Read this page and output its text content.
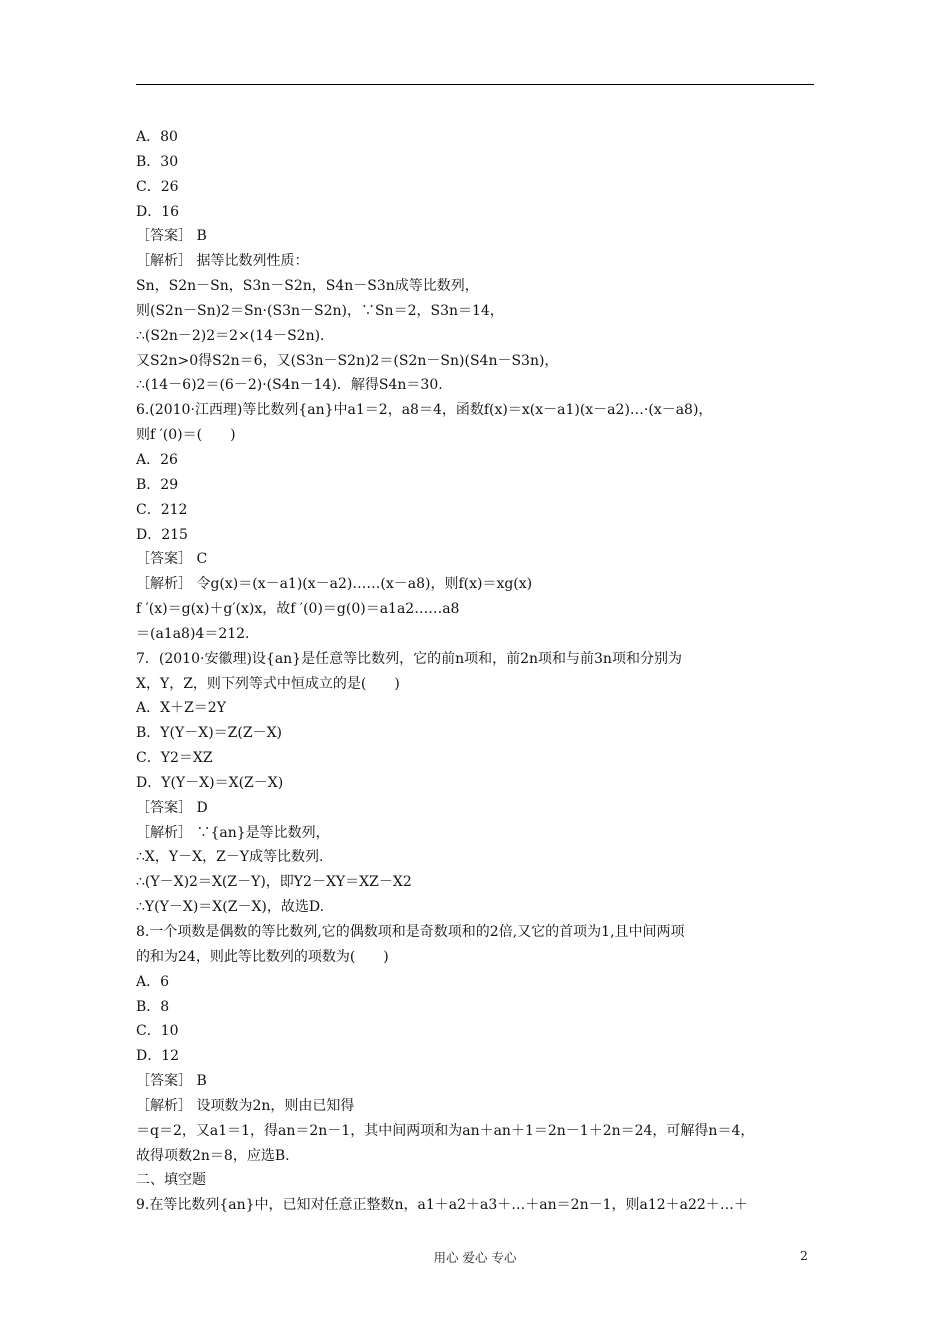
A．80
B．30
C．26
D．16
［答案］ B
［解析］ 据等比数列性质：
Sn，S2n－Sn，S3n－S2n，S4n－S3n成等比数列，
则(S2n－Sn)2＝Sn·(S3n－S2n)，∵Sn＝2，S3n＝14，
∴(S2n－2)2＝2×(14－S2n)．
又S2n>0得S2n＝6，又(S3n－S2n)2＝(S2n－Sn)(S4n－S3n)，
∴(14－6)2＝(6－2)·(S4n－14)．解得S4n＝30.
6.(2010·江西理)等比数列{an}中a1＝2，a8＝4，函数f(x)＝x(x－a1)(x－a2)…·(x－a8)，
则f ′(0)＝(　　)
A．26
B．29
C．212
D．215
［答案］ C
［解析］ 令g(x)＝(x－a1)(x－a2)……(x－a8)，则f(x)＝xg(x)
f ′(x)＝g(x)＋g′(x)x，故f ′(0)＝g(0)＝a1a2……a8
＝(a1a8)4＝212.
7．(2010·安徽理)设{an}是任意等比数列，它的前n项和，前2n项和与前3n项和分别为
X，Y，Z，则下列等式中恒成立的是(　　)
A．X＋Z＝2Y
B．Y(Y－X)＝Z(Z－X)
C．Y2＝XZ
D．Y(Y－X)＝X(Z－X)
［答案］ D
［解析］ ∵{an}是等比数列，
∴X，Y－X，Z－Y成等比数列.
∴(Y－X)2＝X(Z－Y)，即Y2－XY＝XZ－X2
∴Y(Y－X)＝X(Z－X)，故选D.
8.一个项数是偶数的等比数列,它的偶数项和是奇数项和的2倍,又它的首项为1,且中间两项
的和为24，则此等比数列的项数为(　　)
A．6
B．8
C．10
D．12
［答案］ B
［解析］ 设项数为2n，则由已知得
＝q＝2，又a1＝1，得an＝2n－1，其中间两项和为an＋an＋1＝2n－1＋2n＝24，可解得n＝4，
故得项数2n＝8，应选B.
二、填空题
9.在等比数列{an}中，已知对任意正整数n，a1＋a2＋a3＋…＋an＝2n－1，则a12＋a22＋…＋
用心 爱心 专心	2
